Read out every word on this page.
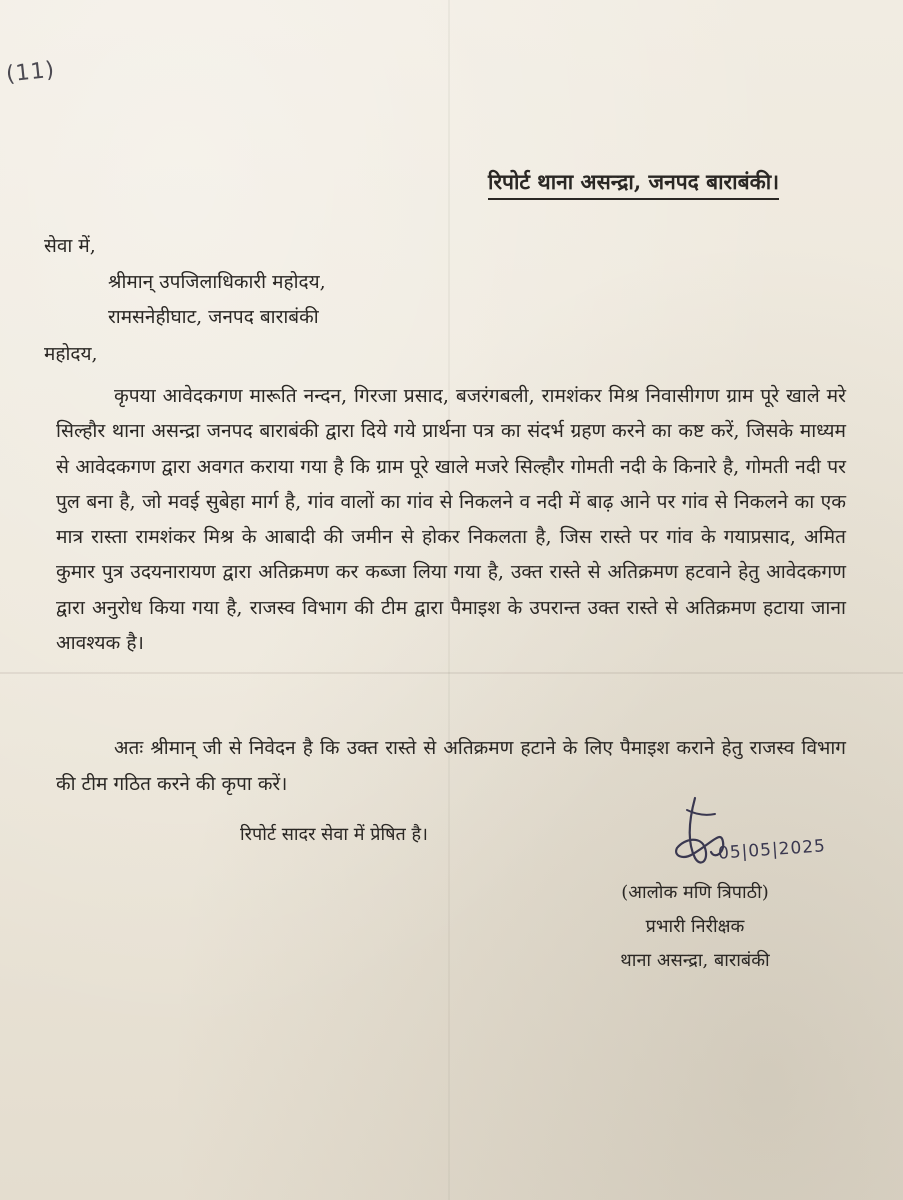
(11)
रिपोर्ट थाना असन्द्रा, जनपद बाराबंकी।
सेवा में,
श्रीमान् उपजिलाधिकारी महोदय,
रामसनेहीघाट, जनपद बाराबंकी
महोदय,
कृपया आवेदकगण मारूति नन्दन, गिरजा प्रसाद, बजरंगबली, रामशंकर मिश्र निवासीगण ग्राम पूरे खाले मरे सिल्हौर थाना असन्द्रा जनपद बाराबंकी द्वारा दिये गये प्रार्थना पत्र का संदर्भ ग्रहण करने का कष्ट करें, जिसके माध्यम से आवेदकगण द्वारा अवगत कराया गया है कि ग्राम पूरे खाले मजरे सिल्हौर गोमती नदी के किनारे है, गोमती नदी पर पुल बना है, जो मवई सुबेहा मार्ग है, गांव वालों का गांव से निकलने व नदी में बाढ़ आने पर गांव से निकलने का एक मात्र रास्ता रामशंकर मिश्र के आबादी की जमीन से होकर निकलता है, जिस रास्ते पर गांव के गयाप्रसाद, अमित कुमार पुत्र उदयनारायण द्वारा अतिक्रमण कर कब्जा लिया गया है, उक्त रास्ते से अतिक्रमण हटवाने हेतु आवेदकगण द्वारा अनुरोध किया गया है, राजस्व विभाग की टीम द्वारा पैमाइश के उपरान्त उक्त रास्ते से अतिक्रमण हटाया जाना आवश्यक है।
अतः श्रीमान् जी से निवेदन है कि उक्त रास्ते से अतिक्रमण हटाने के लिए पैमाइश कराने हेतु राजस्व विभाग की टीम गठित करने की कृपा करें।
रिपोर्ट सादर सेवा में प्रेषित है।
05|05|2025
(आलोक मणि त्रिपाठी)
प्रभारी निरीक्षक
थाना असन्द्रा, बाराबंकी
